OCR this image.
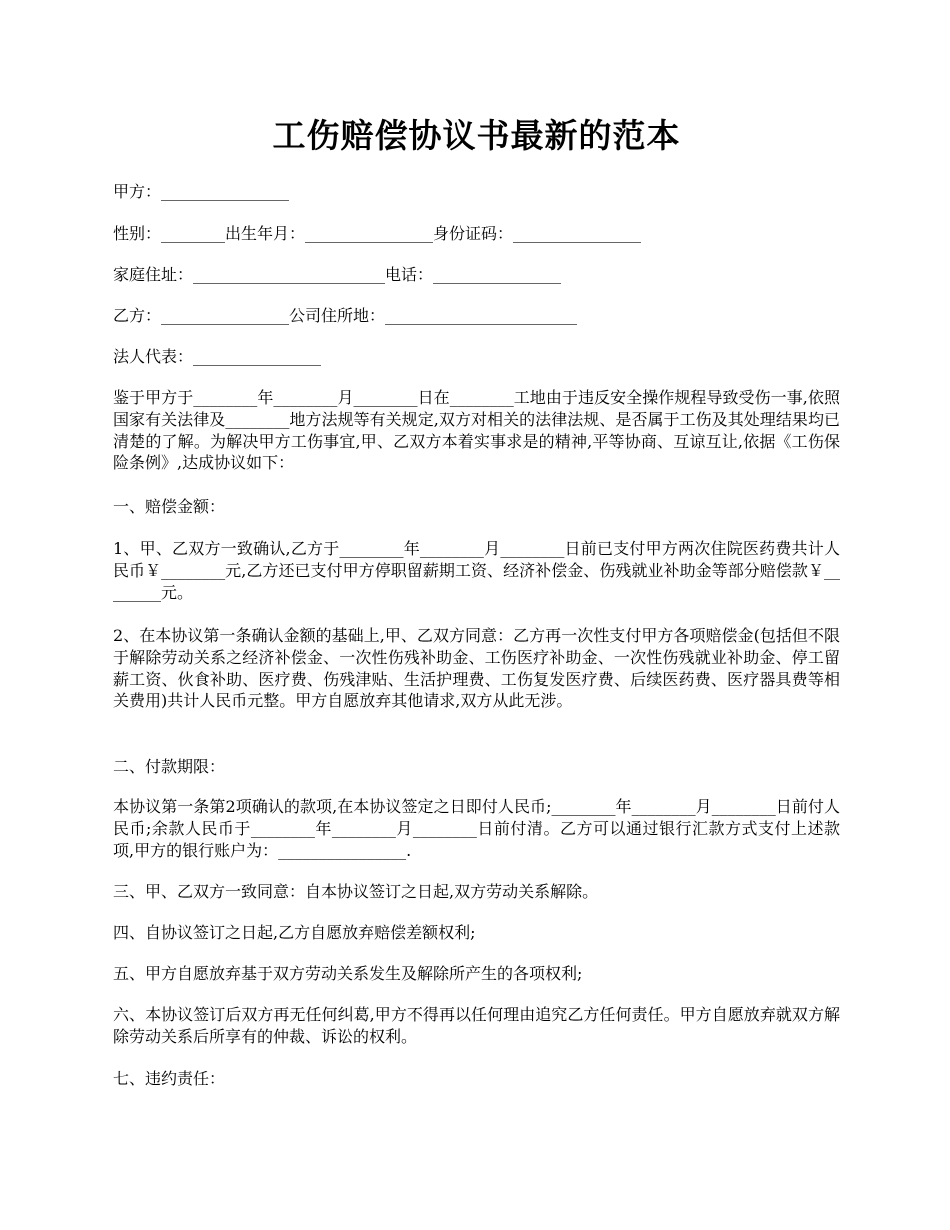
工伤赔偿协议书最新的范本

甲方：________________

性别：________出生年月：________________身份证码：________________

家庭住址：________________________电话：________________

乙方：________________公司住所地：________________________

法人代表：________________

鉴于甲方于________年________月________日在________工地由于违反安全操作规程导致受伤一事,依照国家有关法律及________地方法规等有关规定,双方对相关的法律法规、是否属于工伤及其处理结果均已清楚的了解。为解决甲方工伤事宜,甲、乙双方本着实事求是的精神,平等协商、互谅互让,依据《工伤保险条例》,达成协议如下：

一、赔偿金额：

1、甲、乙双方一致确认,乙方于________年________月________日前已支付甲方两次住院医药费共计人民币￥________元,乙方还已支付甲方停职留薪期工资、经济补偿金、伤残就业补助金等部分赔偿款￥________元。

2、在本协议第一条确认金额的基础上,甲、乙双方同意：乙方再一次性支付甲方各项赔偿金(包括但不限于解除劳动关系之经济补偿金、一次性伤残补助金、工伤医疗补助金、一次性伤残就业补助金、停工留薪工资、伙食补助、医疗费、伤残津贴、生活护理费、工伤复发医疗费、后续医药费、医疗器具费等相关费用)共计人民币元整。甲方自愿放弃其他请求,双方从此无涉。

二、付款期限：

本协议第一条第2项确认的款项,在本协议签定之日即付人民币;________年________月________日前付人民币;余款人民币于________年________月________日前付清。乙方可以通过银行汇款方式支付上述款项,甲方的银行账户为：________________.

三、甲、乙双方一致同意：自本协议签订之日起,双方劳动关系解除。

四、自协议签订之日起,乙方自愿放弃赔偿差额权利;

五、甲方自愿放弃基于双方劳动关系发生及解除所产生的各项权利;

六、本协议签订后双方再无任何纠葛,甲方不得再以任何理由追究乙方任何责任。甲方自愿放弃就双方解除劳动关系后所享有的仲裁、诉讼的权利。

七、违约责任：
